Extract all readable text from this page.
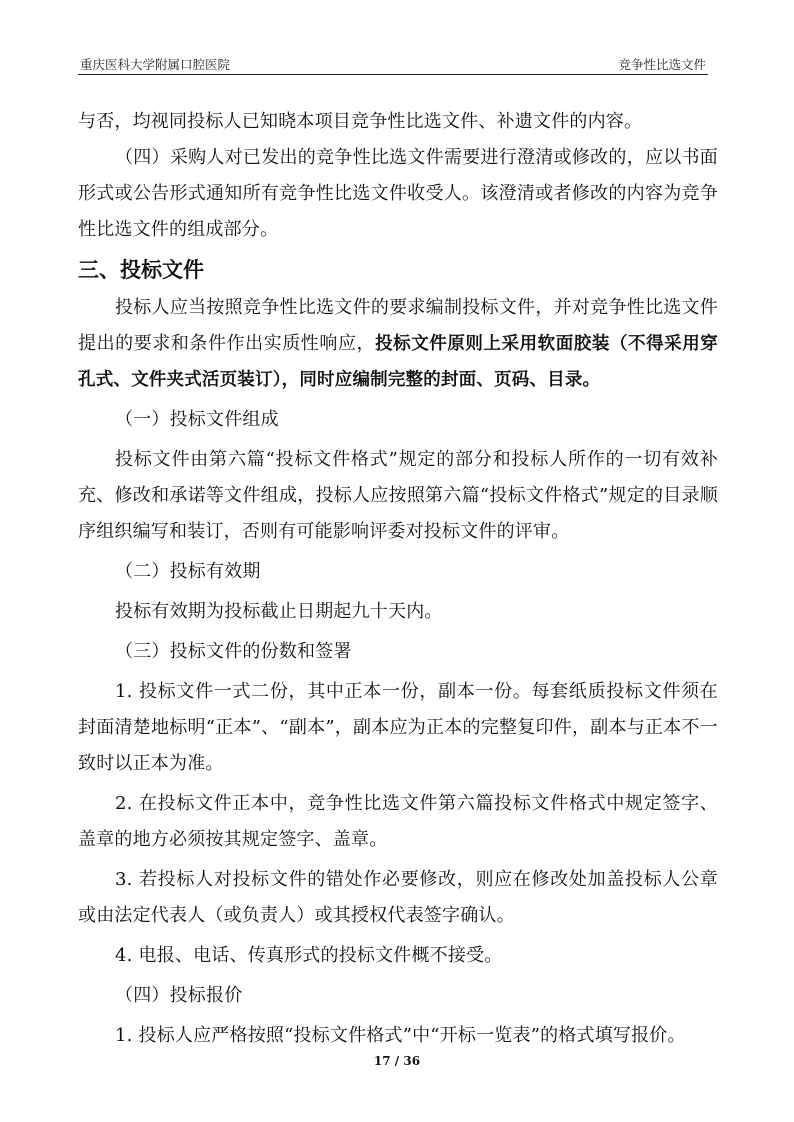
重庆医科大学附属口腔医院	竞争性比选文件

与否，均视同投标人已知晓本项目竞争性比选文件、补遗文件的内容。

（四）采购人对已发出的竞争性比选文件需要进行澄清或修改的，应以书面形式或公告形式通知所有竞争性比选文件收受人。该澄清或者修改的内容为竞争性比选文件的组成部分。

三、投标文件

投标人应当按照竞争性比选文件的要求编制投标文件，并对竞争性比选文件提出的要求和条件作出实质性响应，投标文件原则上采用软面胶装（不得采用穿孔式、文件夹式活页装订），同时应编制完整的封面、页码、目录。

（一）投标文件组成

投标文件由第六篇“投标文件格式”规定的部分和投标人所作的一切有效补充、修改和承诺等文件组成，投标人应按照第六篇“投标文件格式”规定的目录顺序组织编写和装订，否则有可能影响评委对投标文件的评审。

（二）投标有效期

投标有效期为投标截止日期起九十天内。

（三）投标文件的份数和签署

1. 投标文件一式二份，其中正本一份，副本一份。每套纸质投标文件须在封面清楚地标明“正本”、“副本”，副本应为正本的完整复印件，副本与正本不一致时以正本为准。

2. 在投标文件正本中，竞争性比选文件第六篇投标文件格式中规定签字、盖章的地方必须按其规定签字、盖章。

3. 若投标人对投标文件的错处作必要修改，则应在修改处加盖投标人公章或由法定代表人（或负责人）或其授权代表签字确认。

4. 电报、电话、传真形式的投标文件概不接受。

（四）投标报价

1. 投标人应严格按照“投标文件格式”中“开标一览表”的格式填写报价。

17 / 36
